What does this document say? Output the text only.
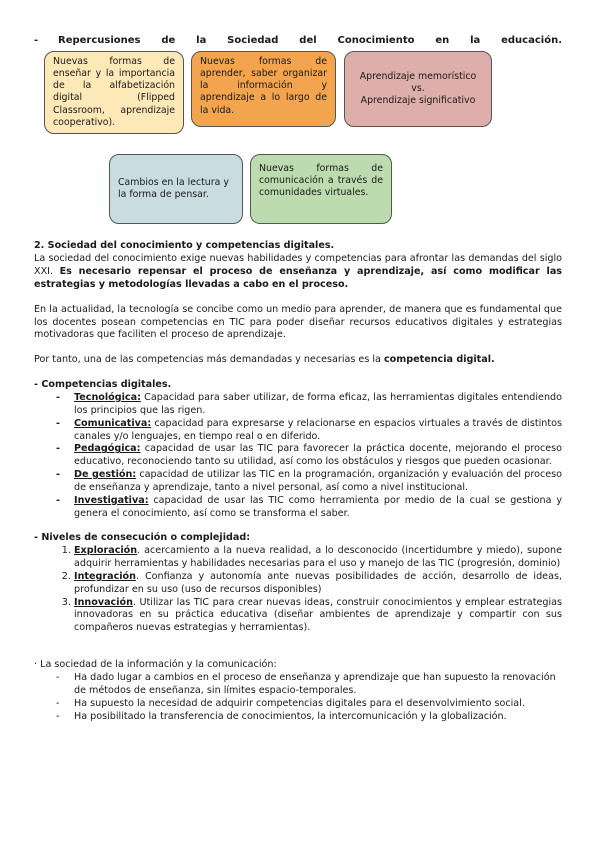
-	Repercusiones de la Sociedad del Conocimiento en la educación.
Nuevas formas de enseñar y la importancia de la alfabetización digital (Flipped Classroom, aprendizaje cooperativo).
Nuevas formas de aprender, saber organizar la información y aprendizaje a lo largo de la vida.
Aprendizaje memorístico
vs.
Aprendizaje significativo
Cambios en la lectura y la forma de pensar.
Nuevas formas de comunicación a través de comunidades virtuales.

2. Sociedad del conocimiento y competencias digitales.

La sociedad del conocimiento exige nuevas habilidades y competencias para afrontar las demandas del siglo XXI. Es necesario repensar el proceso de enseñanza y aprendizaje, así como modificar las estrategias y metodologías llevadas a cabo en el proceso.

En la actualidad, la tecnología se concibe como un medio para aprender, de manera que es fundamental que los docentes posean competencias en TIC para poder diseñar recursos educativos digitales y estrategias motivadoras que faciliten el proceso de aprendizaje.

Por tanto, una de las competencias más demandadas y necesarias es la competencia digital.

- Competencias digitales.

- Tecnológica: Capacidad para saber utilizar, de forma eficaz, las herramientas digitales entendiendo los principios que las rigen.
- Comunicativa: capacidad para expresarse y relacionarse en espacios virtuales a través de distintos canales y/o lenguajes, en tiempo real o en diferido.
- Pedagógica: capacidad de usar las TIC para favorecer la práctica docente, mejorando el proceso educativo, reconociendo tanto su utilidad, así como los obstáculos y riesgos que pueden ocasionar.
- De gestión: capacidad de utilizar las TIC en la programación, organización y evaluación del proceso de enseñanza y aprendizaje, tanto a nivel personal, así como a nivel institucional.
- Investigativa: capacidad de usar las TIC como herramienta por medio de la cual se gestiona y genera el conocimiento, así como se transforma el saber.

- Niveles de consecución o complejidad:

1. Exploración. acercamiento a la nueva realidad, a lo desconocido (incertidumbre y miedo), supone adquirir herramientas y habilidades necesarias para el uso y manejo de las TIC (progresión, dominio)
2. Integración. Confianza y autonomía ante nuevas posibilidades de acción, desarrollo de ideas, profundizar en su uso (uso de recursos disponibles)
3. Innovación. Utilizar las TIC para crear nuevas ideas, construir conocimientos y emplear estrategias innovadoras en su práctica educativa (diseñar ambientes de aprendizaje y compartir con sus compañeros nuevas estrategias y herramientas).

· La sociedad de la información y la comunicación:

- Ha dado lugar a cambios en el proceso de enseñanza y aprendizaje que han supuesto la renovación de métodos de enseñanza, sin límites espacio-temporales.
- Ha supuesto la necesidad de adquirir competencias digitales para el desenvolvimiento social.
- Ha posibilitado la transferencia de conocimientos, la intercomunicación y la globalización.
